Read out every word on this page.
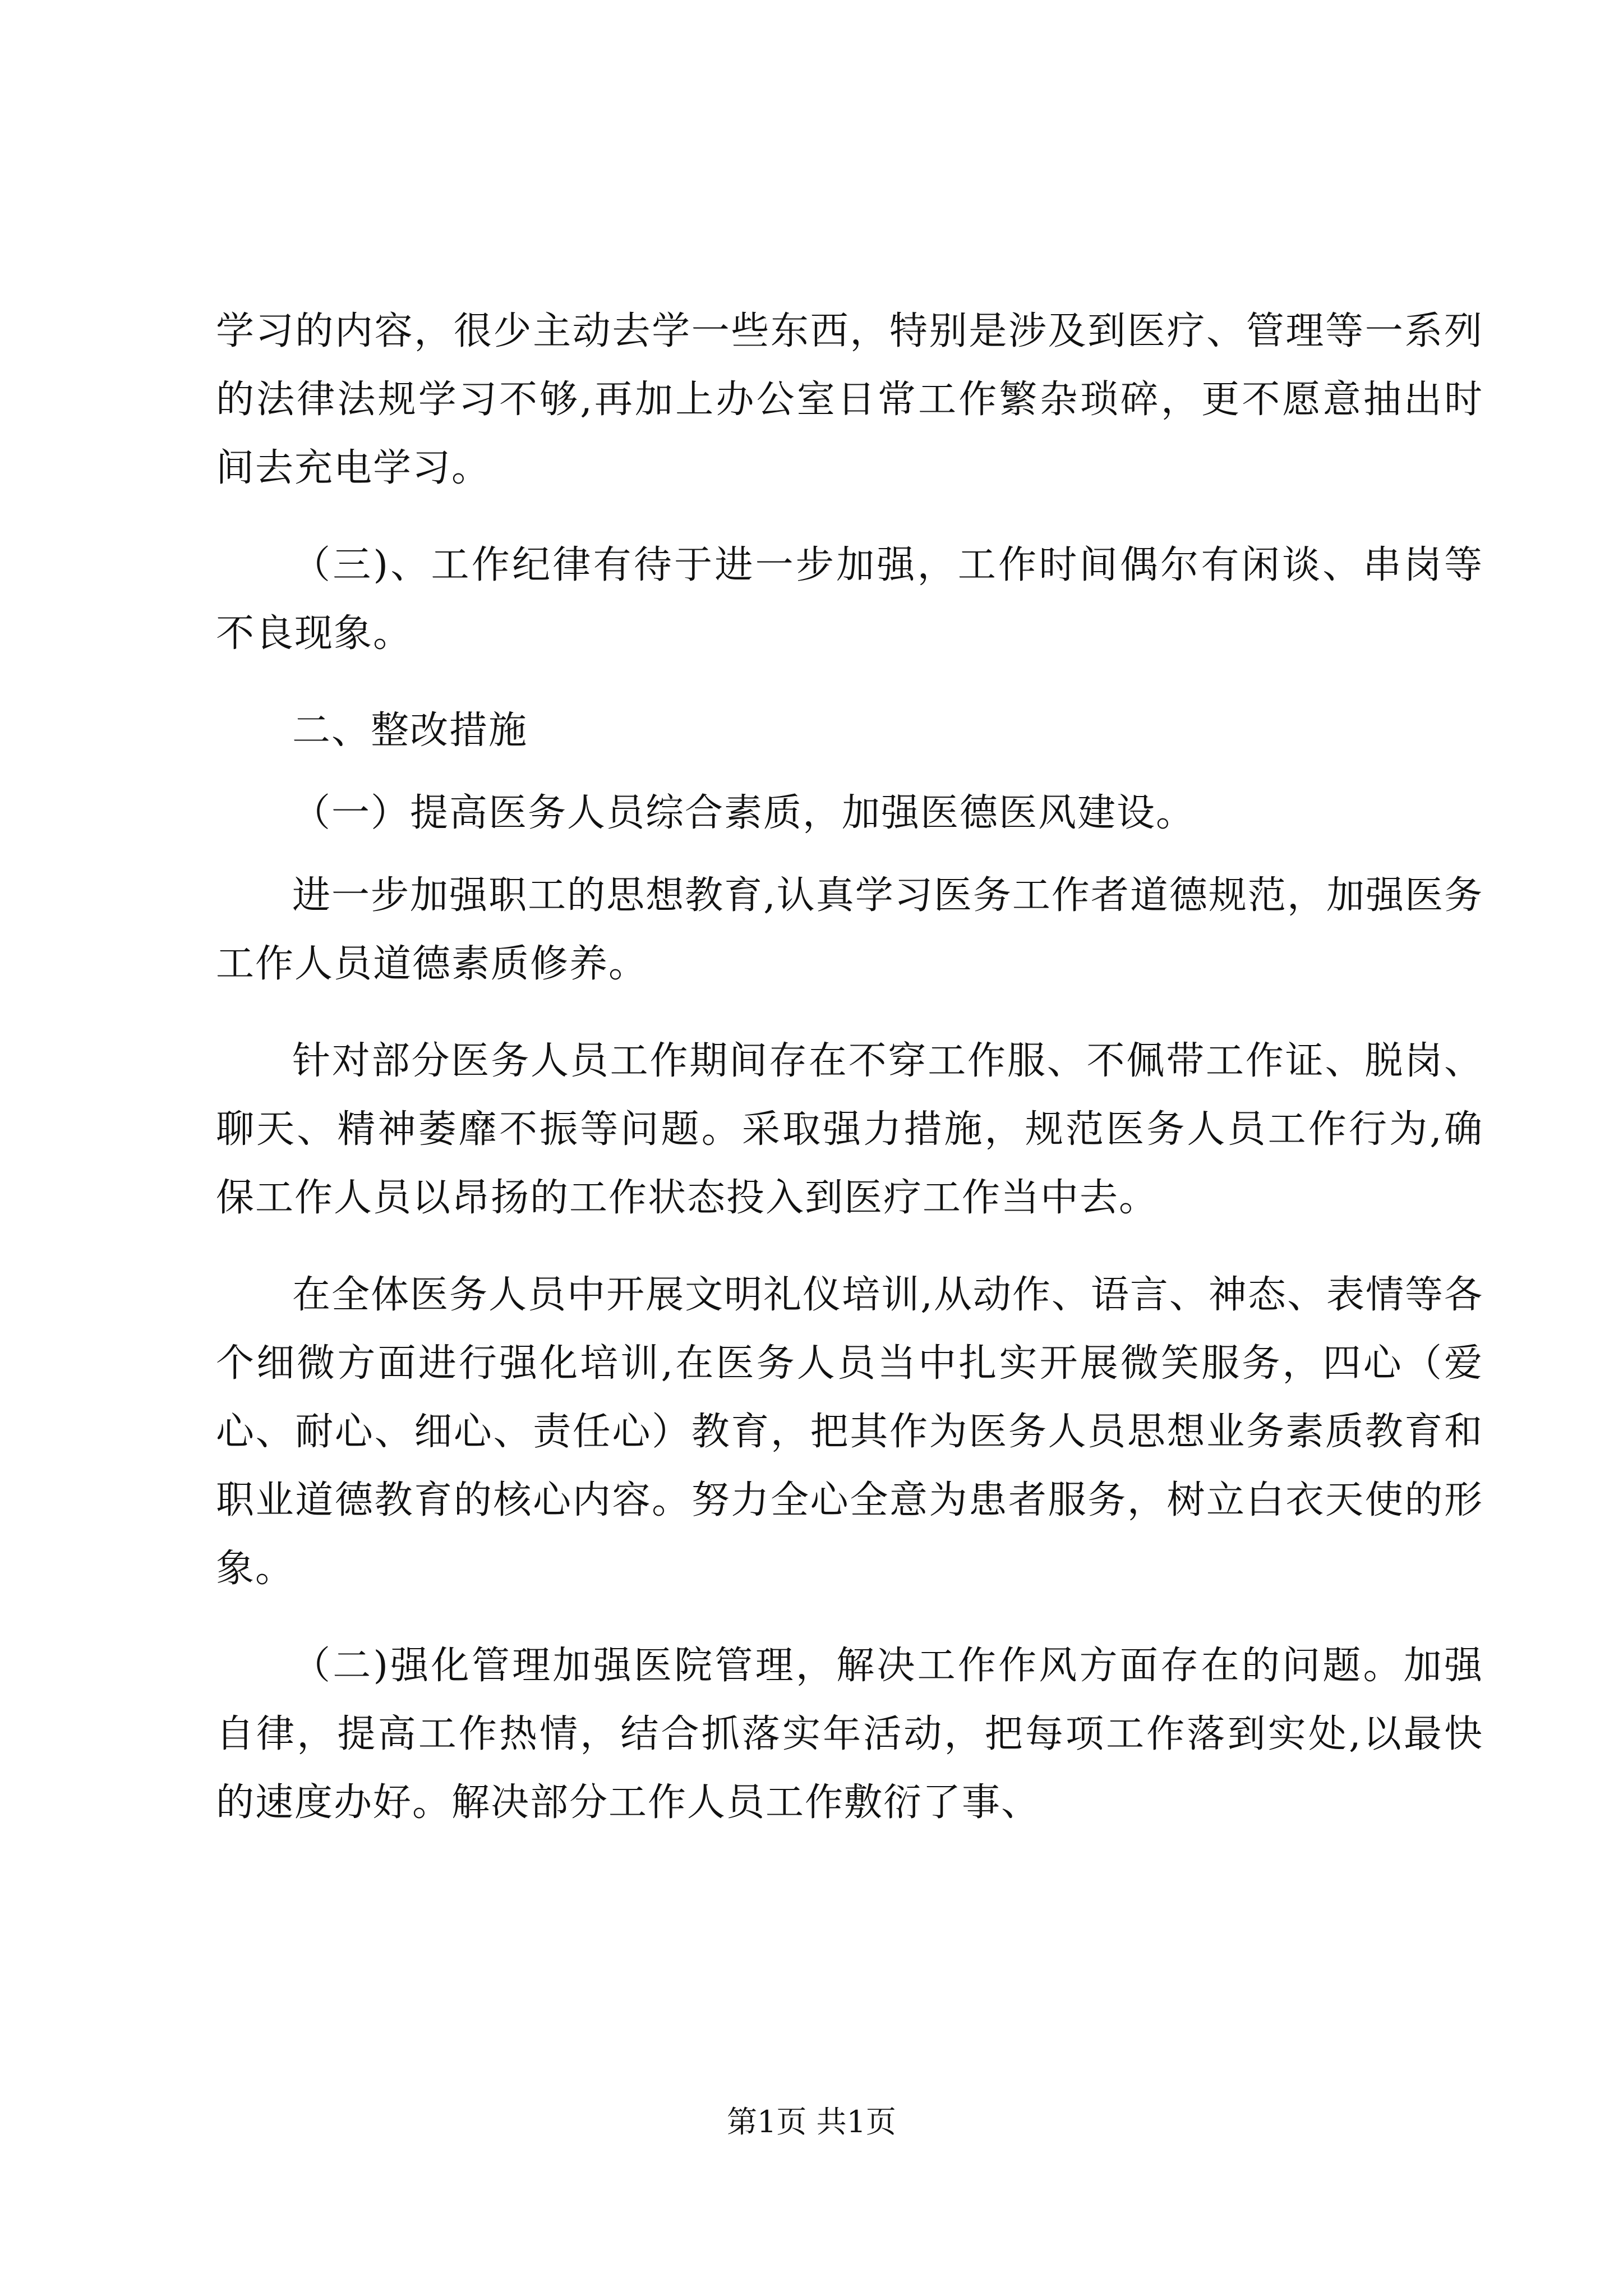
学习的内容，很少主动去学一些东西，特别是涉及到医疗、管理等一系列的法律法规学习不够,再加上办公室日常工作繁杂琐碎，更不愿意抽出时间去充电学习。

（三)、工作纪律有待于进一步加强，工作时间偶尔有闲谈、串岗等不良现象。

二、整改措施

（一）提高医务人员综合素质，加强医德医风建设。

进一步加强职工的思想教育,认真学习医务工作者道德规范，加强医务工作人员道德素质修养。

针对部分医务人员工作期间存在不穿工作服、不佩带工作证、脱岗、聊天、精神萎靡不振等问题。采取强力措施，规范医务人员工作行为,确保工作人员以昂扬的工作状态投入到医疗工作当中去。

在全体医务人员中开展文明礼仪培训,从动作、语言、神态、表情等各个细微方面进行强化培训,在医务人员当中扎实开展微笑服务，四心（爱心、耐心、细心、责任心）教育，把其作为医务人员思想业务素质教育和职业道德教育的核心内容。努力全心全意为患者服务，树立白衣天使的形象。

（二)强化管理加强医院管理，解决工作作风方面存在的问题。加强自律，提高工作热情，结合抓落实年活动，把每项工作落到实处,以最快的速度办好。解决部分工作人员工作敷衍了事、

第1页 共1页
